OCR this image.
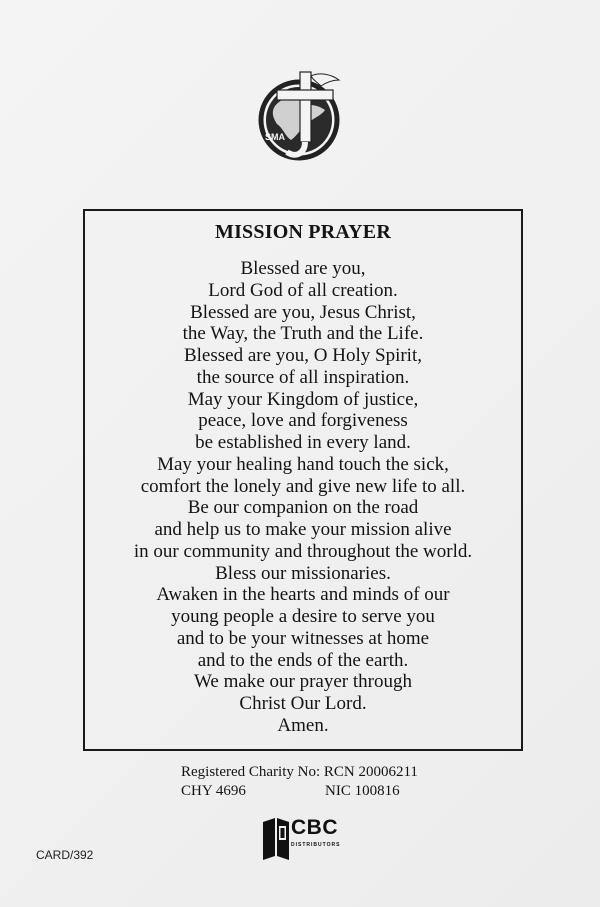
SMA
MISSION PRAYER
Blessed are you,
Lord God of all creation.
Blessed are you, Jesus Christ,
the Way, the Truth and the Life.
Blessed are you, O Holy Spirit,
the source of all inspiration.
May your Kingdom of justice,
peace, love and forgiveness
be established in every land.
May your healing hand touch the sick,
comfort the lonely and give new life to all.
Be our companion on the road
and help us to make your mission alive
in our community and throughout the world.
Bless our missionaries.
Awaken in the hearts and minds of our
young people a desire to serve you
and to be your witnesses at home
and to the ends of the earth.
We make our prayer through
Christ Our Lord.
Amen.
Registered Charity No: RCN 20006211
CHY 4696	NIC 100816
CBC
DISTRIBUTORS
CARD/392
